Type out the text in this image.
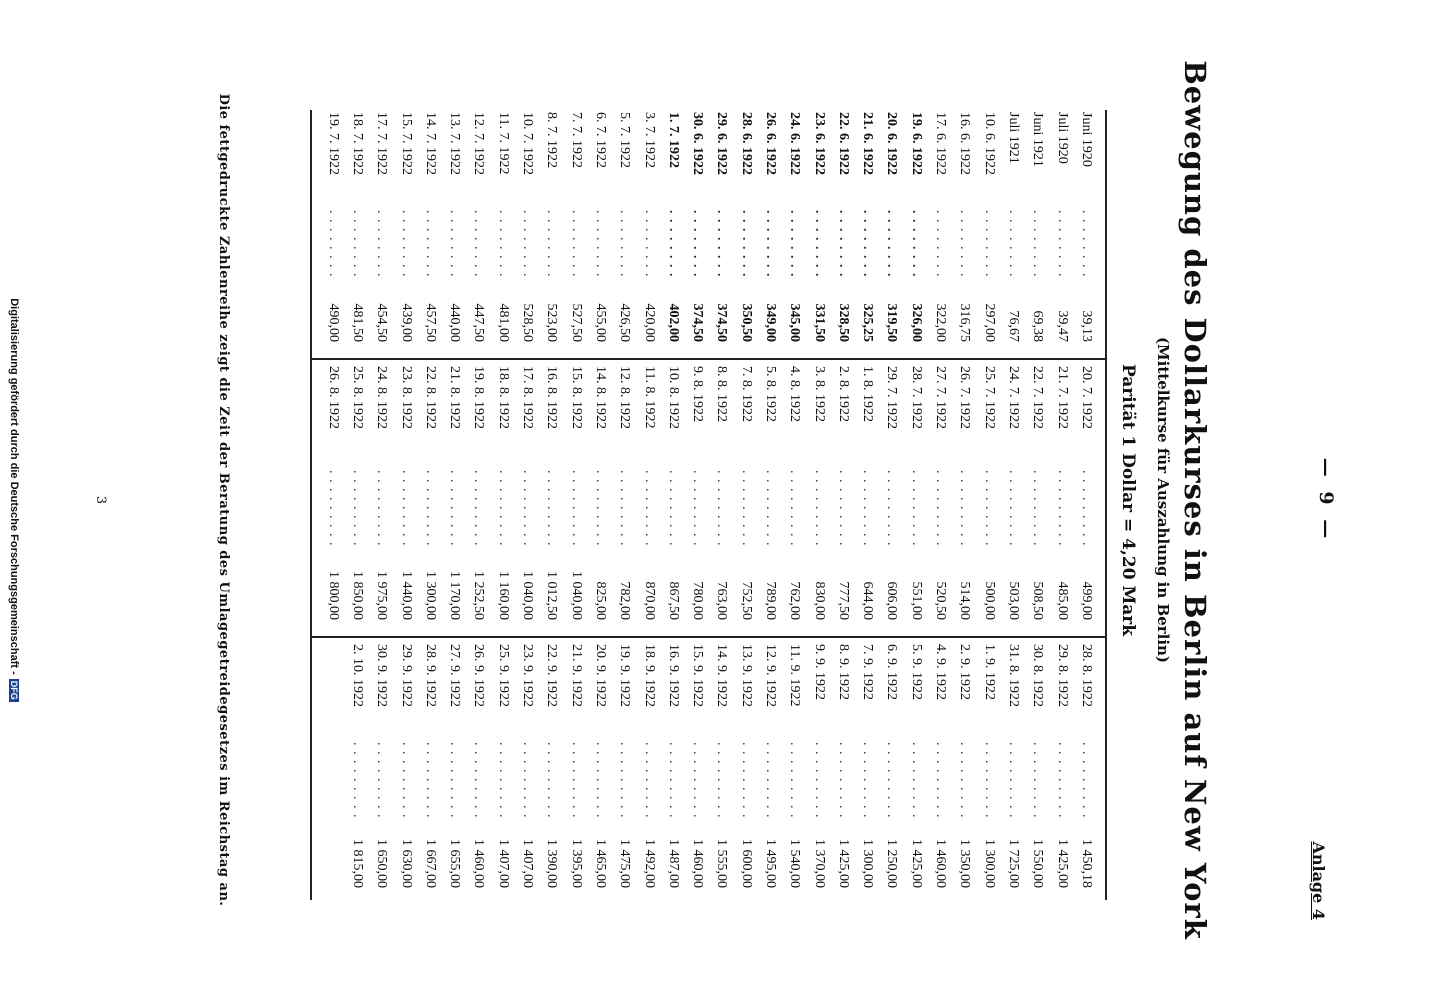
— 9 —
Anlage 4
Bewegung des Dollarkurses in Berlin auf New York
(Mittelkurse für Auszahlung in Berlin)
Parität 1 Dollar = 4,20 Mark
Juni 1920
. . .
39,13
Juli 1920
. . .
39,47
Juni 1921
. . .
69,38
Juli 1921
. . .
76,67
10. 6. 1922
. . .
297,00
16. 6. 1922
. . .
316,75
17. 6. 1922
. . .
322,00
19. 6. 1922
. . .
326,00
20. 6. 1922
. . .
319,50
21. 6. 1922
. . .
325,25
22. 6. 1922
. . .
328,50
23. 6. 1922
. . .
331,50
24. 6. 1922
. . .
345,00
26. 6. 1922
. . .
349,00
28. 6. 1922
. . .
350,50
29. 6. 1922
. . .
374,50
30. 6. 1922
. . .
374,50
1. 7. 1922
. . .
402,00
3. 7. 1922
. . .
420,00
5. 7. 1922
. . .
426,50
6. 7. 1922
. . .
455,00
7. 7. 1922
. . .
527,50
8. 7. 1922
. . .
523,00
10. 7. 1922
. . .
528,50
11. 7. 1922
. . .
481,00
12. 7. 1922
. . .
447,50
13. 7. 1922
. . .
440,00
14. 7. 1922
. . .
457,50
15. 7. 1922
. . .
439,00
17. 7. 1922
. . .
454,50
18. 7. 1922
. . .
481,50
19. 7. 1922
. . .
490,00
20. 7. 1922
. . .
499,00
21. 7. 1922
. . .
485,00
22. 7. 1922
. . .
508,50
24. 7. 1922
. . .
503,00
25. 7. 1922
. . .
500,00
26. 7. 1922
. . .
514,00
27. 7. 1922
. . .
520,50
28. 7. 1922
. . .
551,00
29. 7. 1922
. . .
606,00
1. 8. 1922
. . .
644,00
2. 8. 1922
. . .
777,50
3. 8. 1922
. . .
830,00
4. 8. 1922
. . .
762,00
5. 8. 1922
. . .
789,00
7. 8. 1922
. . .
752,50
8. 8. 1922
. . .
763,00
9. 8. 1922
. . .
780,00
10. 8. 1922
. . .
867,50
11. 8. 1922
. . .
870,00
12. 8. 1922
. . .
782,00
14. 8. 1922
. . .
825,00
15. 8. 1922
. . .
1 040,00
16. 8. 1922
. . .
1 012,50
17. 8. 1922
. . .
1 040,00
18. 8. 1922
. . .
1 160,00
19. 8. 1922
. . .
1 252,50
21. 8. 1922
. . .
1 170,00
22. 8. 1922
. . .
1 300,00
23. 8. 1922
. . .
1 440,00
24. 8. 1922
. . .
1 975,00
25. 8. 1922
. . .
1 850,00
26. 8. 1922
. . .
1 800,00
28. 8. 1922
. . .
1 450,18
29. 8. 1922
. . .
1 425,00
30. 8. 1922
. . .
1 550,00
31. 8. 1922
. . .
1 725,00
1. 9. 1922
. . .
1 300,00
2. 9. 1922
. . .
1 350,00
4. 9. 1922
. . .
1 460,00
5. 9. 1922
. . .
1 425,00
6. 9. 1922
. . .
1 250,00
7. 9. 1922
. . .
1 300,00
8. 9. 1922
. . .
1 425,00
9. 9. 1922
. . .
1 370,00
11. 9. 1922
. . .
1 540,00
12. 9. 1922
. . .
1 495,00
13. 9. 1922
. . .
1 600,00
14. 9. 1922
. . .
1 555,00
15. 9. 1922
. . .
1 460,00
16. 9. 1922
. . .
1 487,00
18. 9. 1922
. . .
1 492,00
19. 9. 1922
. . .
1 475,00
20. 9. 1922
. . .
1 465,00
21. 9. 1922
. . .
1 395,00
22. 9. 1922
. . .
1 390,00
23. 9. 1922
. . .
1 407,00
25. 9. 1922
. . .
1 407,00
26. 9. 1922
. . .
1 460,00
27. 9. 1922
. . .
1 655,00
28. 9. 1922
. . .
1 667,00
29. 9. 1922
. . .
1 630,00
30. 9. 1922
. . .
1 650,00
2. 10. 1922
. . .
1 815,00
Die fettgedruckte Zahlenreihe zeigt die Zeit der Beratung des Umlagegetreidegesetzes im Reichstag an.
3
Digitalisierung gefördert durch die Deutsche Forschungsgemeinschaft -DFG
